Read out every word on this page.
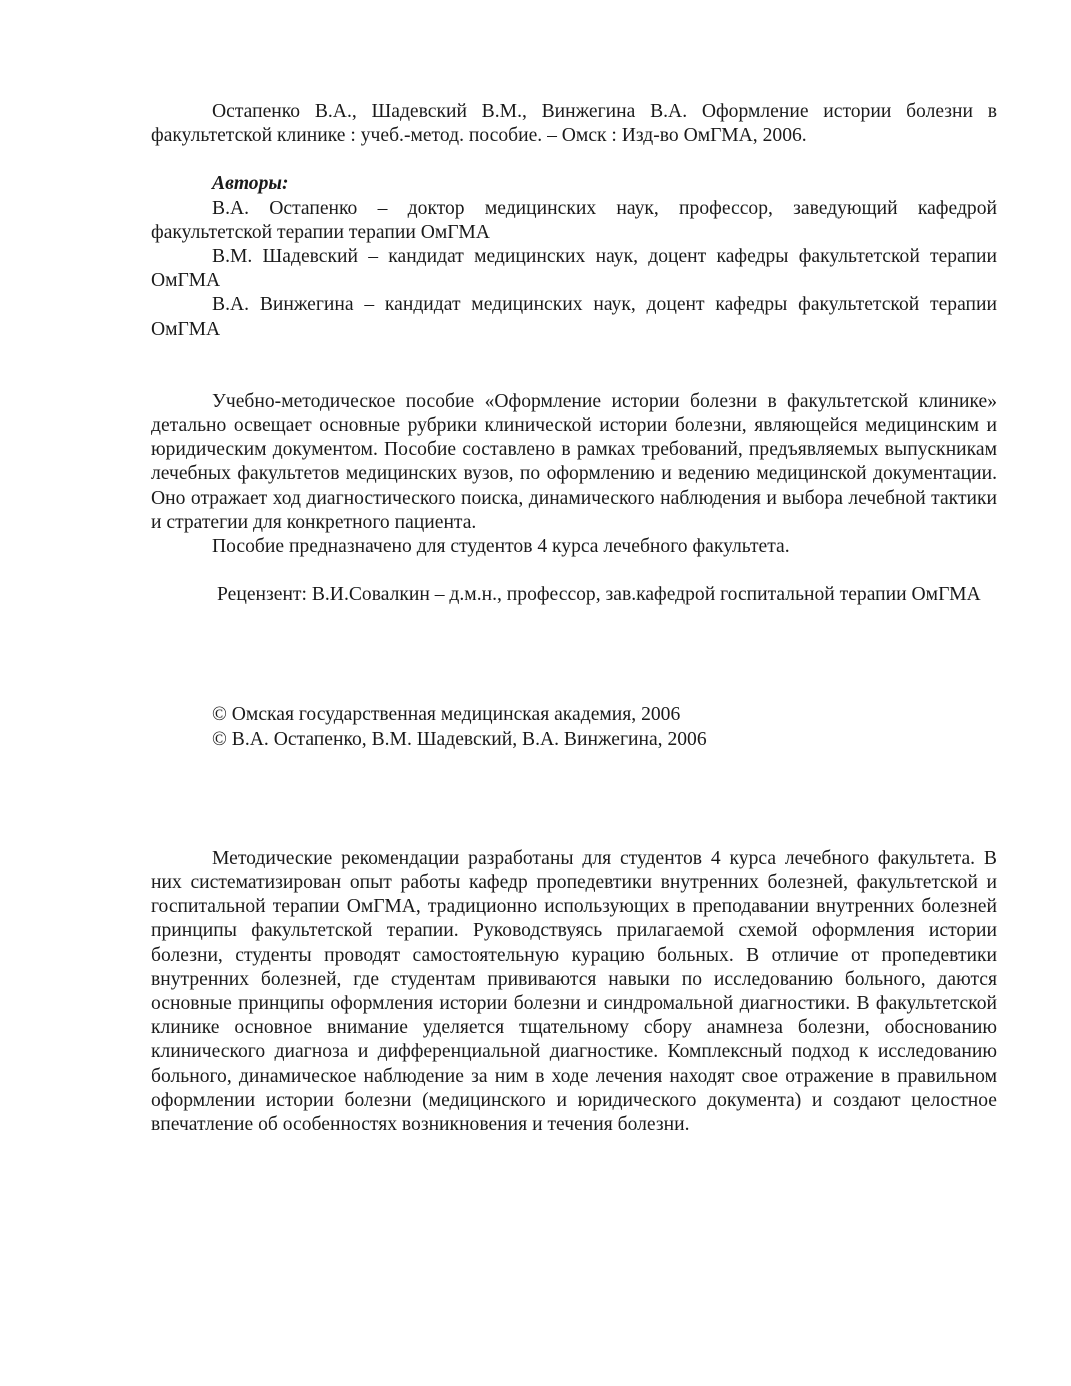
Остапенко В.А., Шадевский В.М., Винжегина В.А. Оформление истории болезни в факультетской клинике : учеб.-метод. пособие. – Омск : Изд-во ОмГМА, 2006.

Авторы:

В.А. Остапенко – доктор медицинских наук, профессор, заведующий кафедрой факультетской терапии терапии ОмГМА

В.М. Шадевский – кандидат медицинских наук, доцент кафедры факультетской терапии ОмГМА

В.А. Винжегина – кандидат медицинских наук, доцент кафедры факультетской терапии ОмГМА

Учебно-методическое пособие «Оформление истории болезни в факультетской клинике» детально освещает основные рубрики клинической истории болезни, являющейся медицинским и юридическим документом. Пособие составлено в рамках требований, предъявляемых выпускникам лечебных факультетов медицинских вузов, по оформлению и ведению медицинской документации. Оно отражает ход диагностического поиска, динамического наблюдения и выбора лечебной тактики и стратегии для конкретного пациента.

Пособие предназначено для студентов 4 курса лечебного факультета.

Рецензент: В.И.Совалкин – д.м.н., профессор, зав.кафедрой госпитальной терапии ОмГМА

© Омская государственная медицинская академия, 2006
© В.А. Остапенко, В.М. Шадевский, В.А. Винжегина, 2006

Методические рекомендации разработаны для студентов 4 курса лечебного факультета. В них систематизирован опыт работы кафедр пропедевтики внутренних болезней, факультетской и госпитальной терапии ОмГМА, традиционно использующих в преподавании внутренних болезней принципы факультетской терапии. Руководствуясь прилагаемой схемой оформления истории болезни, студенты проводят самостоятельную курацию больных. В отличие от пропедевтики внутренних болезней, где студентам прививаются навыки по исследованию больного, даются основные принципы оформления истории болезни и синдромальной диагностики. В факультетской клинике основное внимание уделяется тщательному сбору анамнеза болезни, обоснованию клинического диагноза и дифференциальной диагностике. Комплексный подход к исследованию больного, динамическое наблюдение за ним в ходе лечения находят свое отражение в правильном оформлении истории болезни (медицинского и юридического документа) и создают целостное впечатление об особенностях возникновения и течения болезни.
